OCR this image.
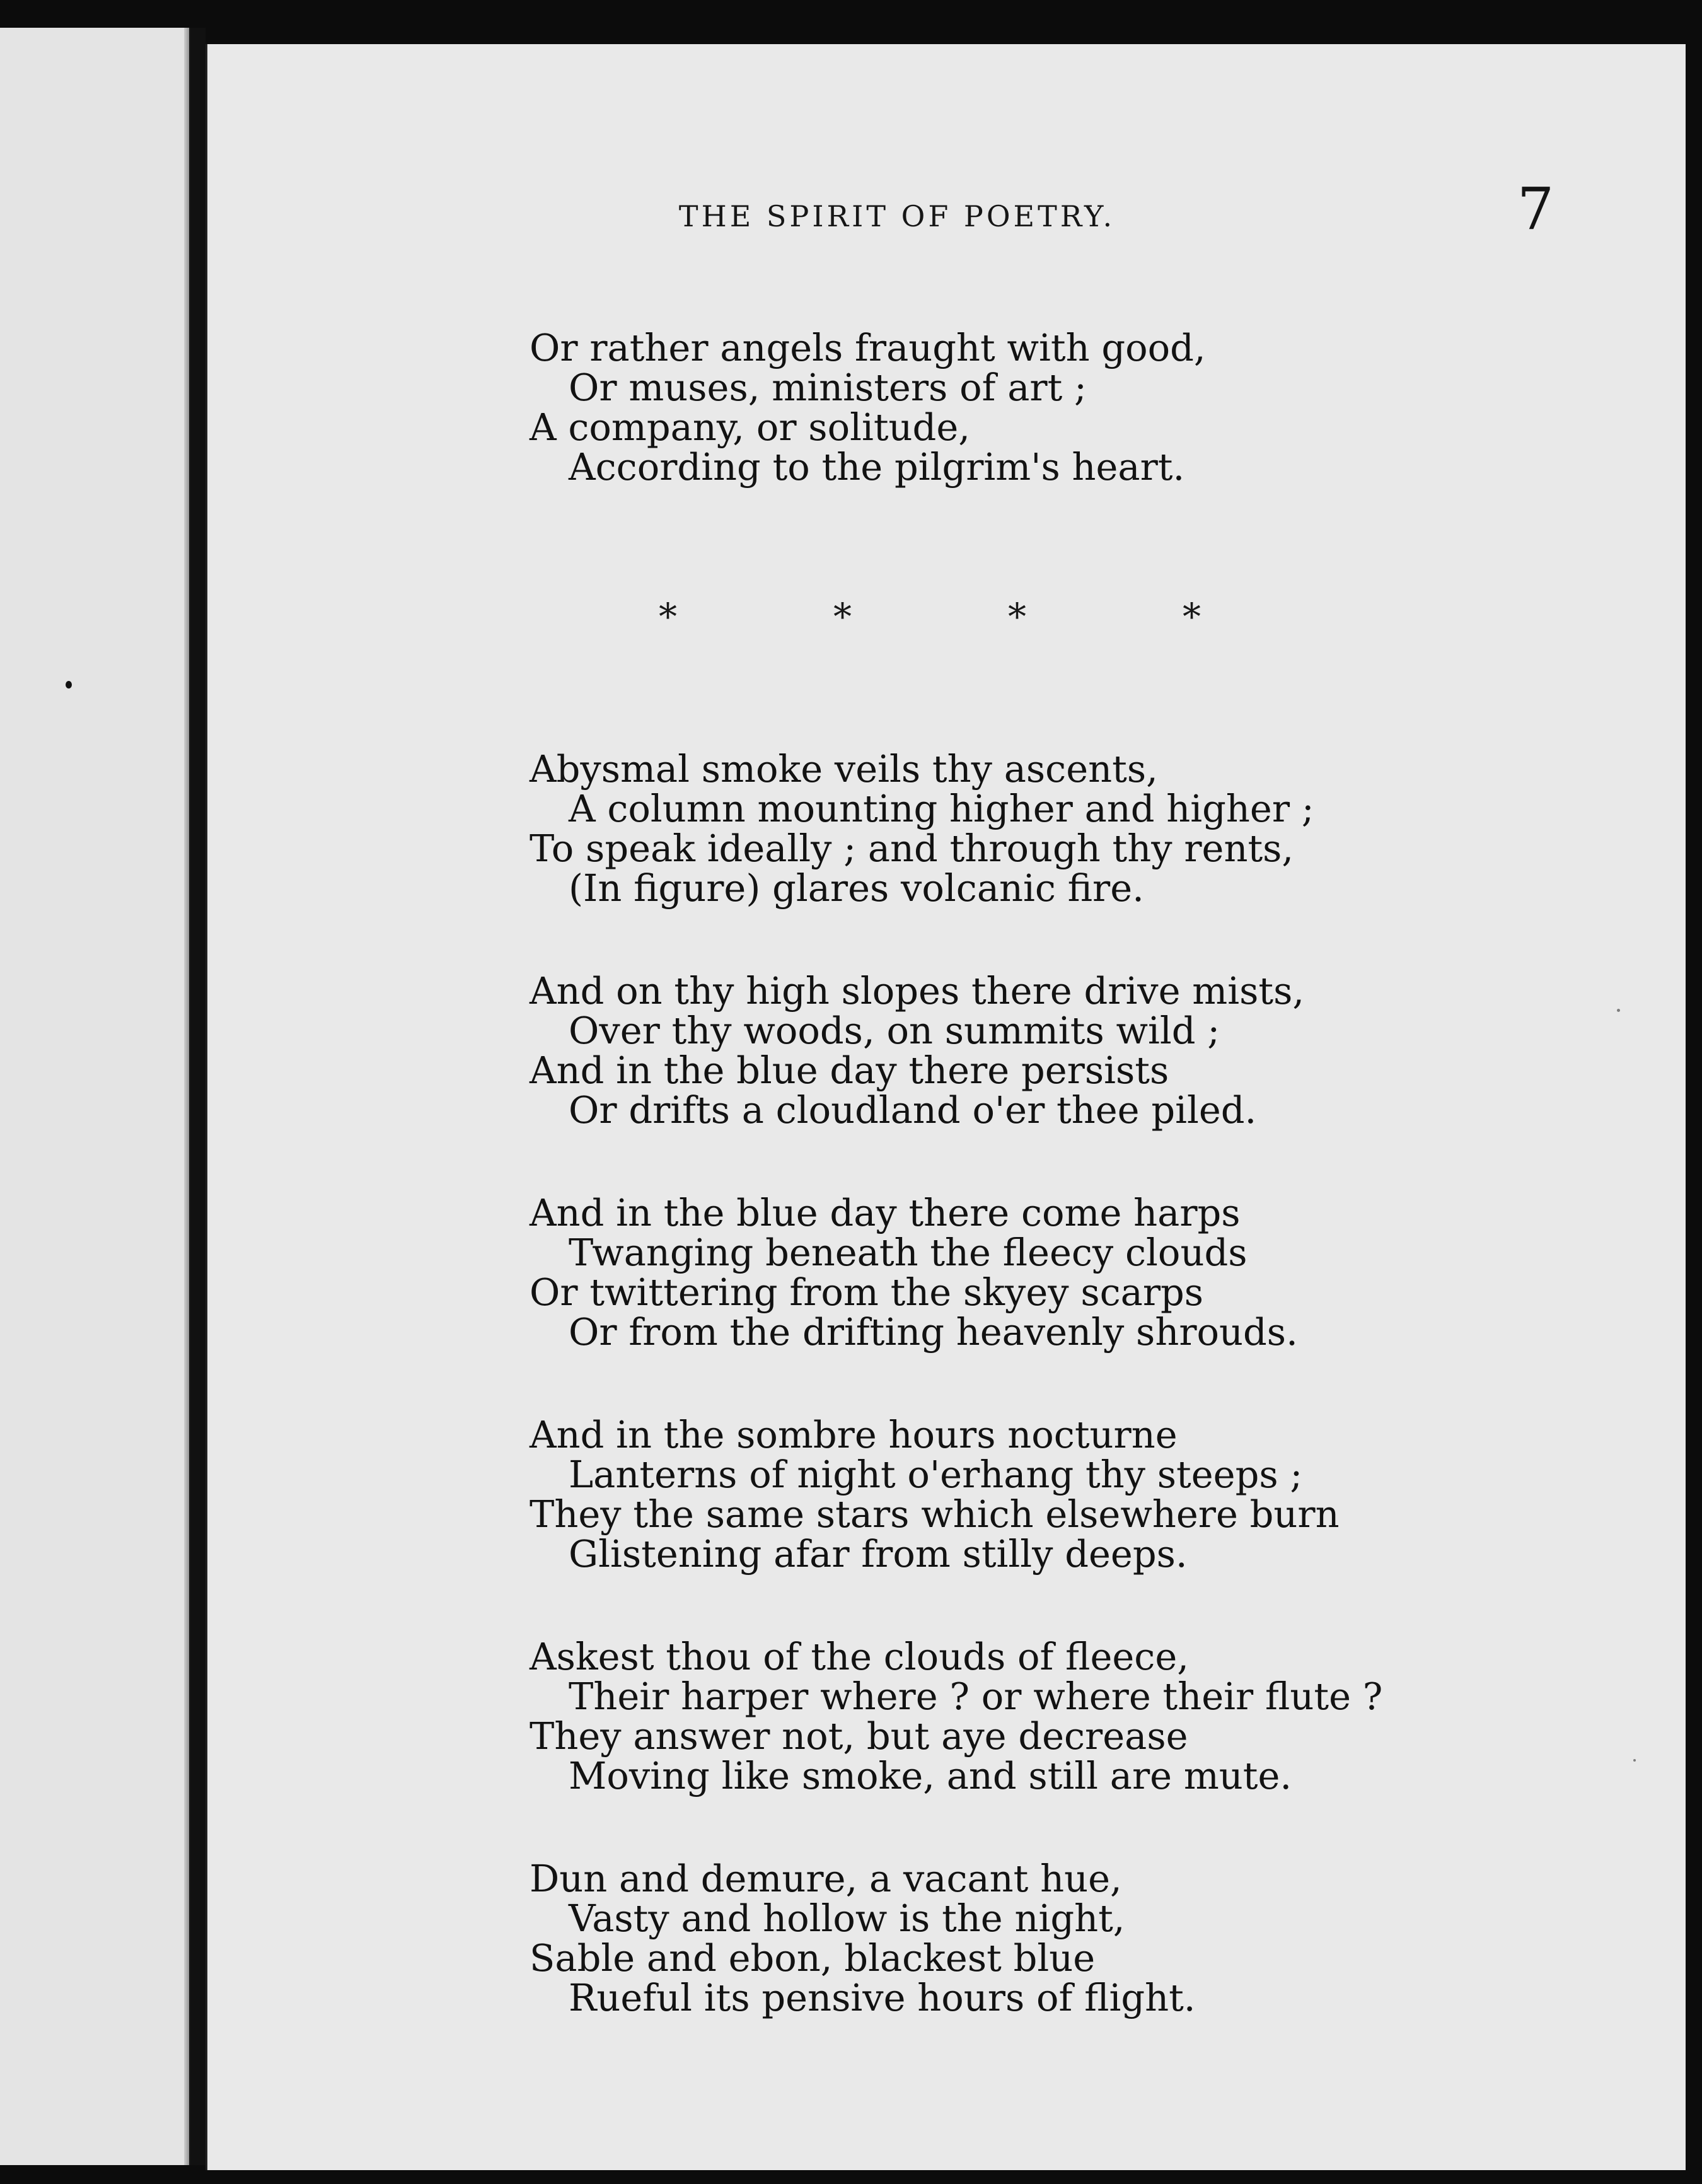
THE SPIRIT OF POETRY.	7
Or rather angels fraught with good,
Or muses, ministers of art ;
A company, or solitude,
According to the pilgrim's heart.
*	*	*	*
Abysmal smoke veils thy ascents,
A column mounting higher and higher ;
To speak ideally ; and through thy rents,
(In figure) glares volcanic fire.
And on thy high slopes there drive mists,
Over thy woods, on summits wild ;
And in the blue day there persists
Or drifts a cloudland o'er thee piled.
And in the blue day there come harps
Twanging beneath the fleecy clouds
Or twittering from the skyey scarps
Or from the drifting heavenly shrouds.
And in the sombre hours nocturne
Lanterns of night o'erhang thy steeps ;
They the same stars which elsewhere burn
Glistening afar from stilly deeps.
Askest thou of the clouds of fleece,
Their harper where ? or where their flute ?
They answer not, but aye decrease
Moving like smoke, and still are mute.
Dun and demure, a vacant hue,
Vasty and hollow is the night,
Sable and ebon, blackest blue
Rueful its pensive hours of flight.
